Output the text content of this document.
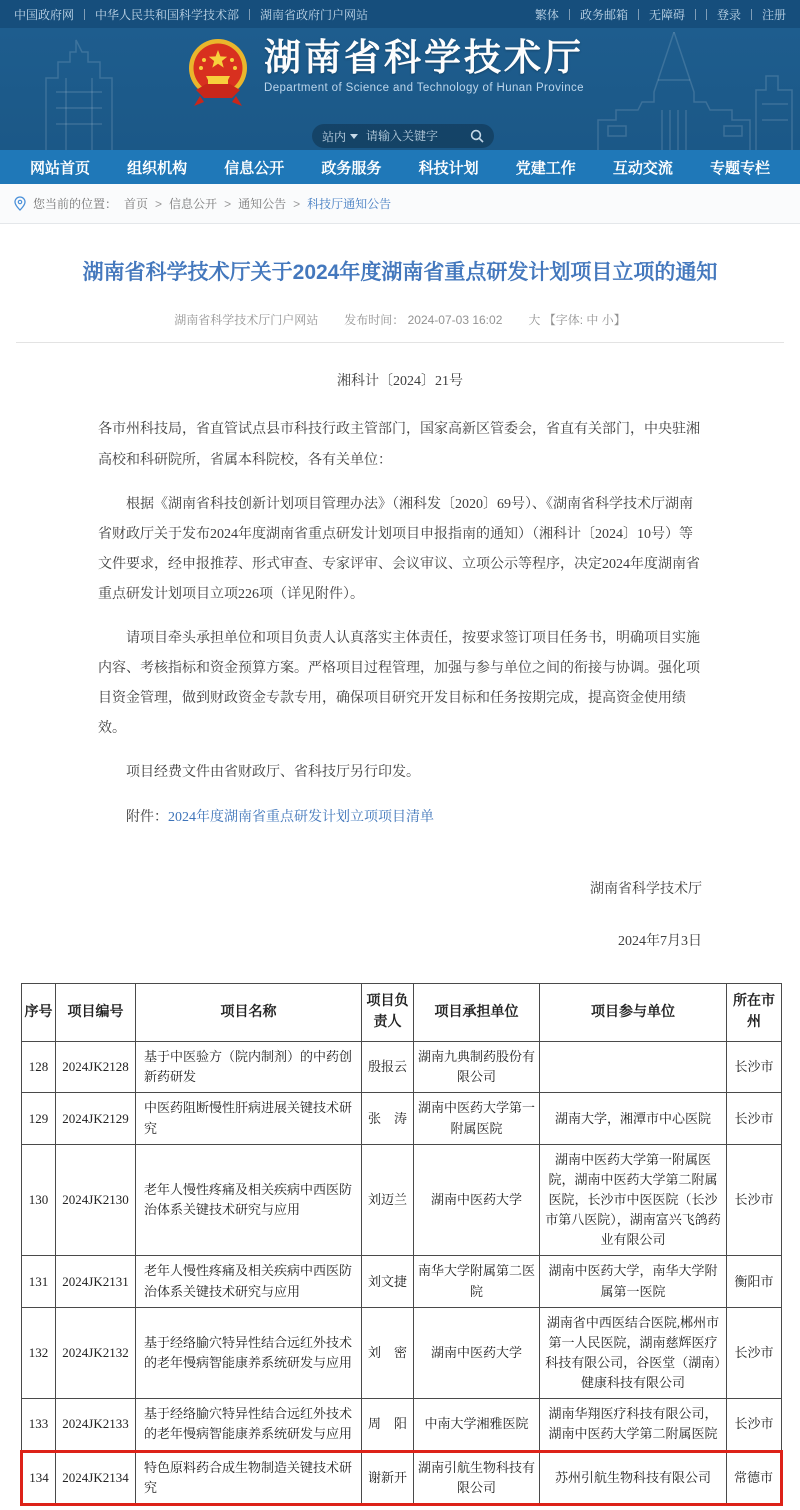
中国政府网 中华人民共和国科学技术部 湖南省政府门户网站	繁体 政务邮箱 无障碍	登录 注册
湖南省科学技术厅
Department of Science and Technology of Hunan Province
站内
请输入关键字
网站首页 组织机构 信息公开 政务服务 科技计划 党建工作 互动交流 专题专栏
您当前的位置： 首页 > 信息公开 > 通知公告 > 科技厅通知公告
湖南省科学技术厅关于2024年度湖南省重点研发计划项目立项的通知
湖南省科学技术厅门户网站 发布时间： 2024-07-03 16:02 大 【字体: 中 小】
湘科计〔2024〕21号

各市州科技局，省直管试点县市科技行政主管部门，国家高新区管委会，省直有关部门，中央驻湘高校和科研院所，省属本科院校，各有关单位：

根据《湖南省科技创新计划项目管理办法》（湘科发〔2020〕69号）、《湖南省科学技术厅湖南省财政厅关于发布2024年度湖南省重点研发计划项目申报指南的通知）（湘科计〔2024〕10号）等文件要求，经申报推荐、形式审查、专家评审、会议审议、立项公示等程序，决定2024年度湖南省重点研发计划项目立项226项（详见附件）。

请项目牵头承担单位和项目负责人认真落实主体责任，按要求签订项目任务书，明确项目实施内容、考核指标和资金预算方案。严格项目过程管理，加强与参与单位之间的衔接与协调。强化项目资金管理，做到财政资金专款专用，确保项目研究开发目标和任务按期完成，提高资金使用绩效。

项目经费文件由省财政厅、省科技厅另行印发。

附件：2024年度湖南省重点研发计划立项项目清单

湖南省科学技术厅
2024年7月3日
序号	项目编号	项目名称	项目负责人	项目承担单位	项目参与单位	所在市州
128	2024JK2128	基于中医验方（院内制剂）的中药创新药研发	殷报云	湖南九典制药股份有限公司		长沙市
129	2024JK2129	中医药阻断慢性肝病进展关键技术研究	张　涛	湖南中医药大学第一附属医院	湖南大学，湘潭市中心医院	长沙市
130	2024JK2130	老年人慢性疼痛及相关疾病中西医防治体系关键技术研究与应用	刘迈兰	湖南中医药大学	湖南中医药大学第一附属医院，湖南中医药大学第二附属医院，长沙市中医医院（长沙市第八医院），湖南富兴飞鸽药业有限公司	长沙市
131	2024JK2131	老年人慢性疼痛及相关疾病中西医防治体系关键技术研究与应用	刘文捷	南华大学附属第二医院	湖南中医药大学，南华大学附属第一医院	衡阳市
132	2024JK2132	基于经络腧穴特异性结合远红外技术的老年慢病智能康养系统研发与应用	刘　密	湖南中医药大学	湖南省中西医结合医院,郴州市第一人民医院，湖南慈辉医疗科技有限公司，谷医堂（湖南）健康科技有限公司	长沙市
133	2024JK2133	基于经络腧穴特异性结合远红外技术的老年慢病智能康养系统研发与应用	周　阳	中南大学湘雅医院	湖南华翔医疗科技有限公司，湖南中医药大学第二附属医院	长沙市
134	2024JK2134	特色原料药合成生物制造关键技术研究	谢新开	湖南引航生物科技有限公司	苏州引航生物科技有限公司	常德市
